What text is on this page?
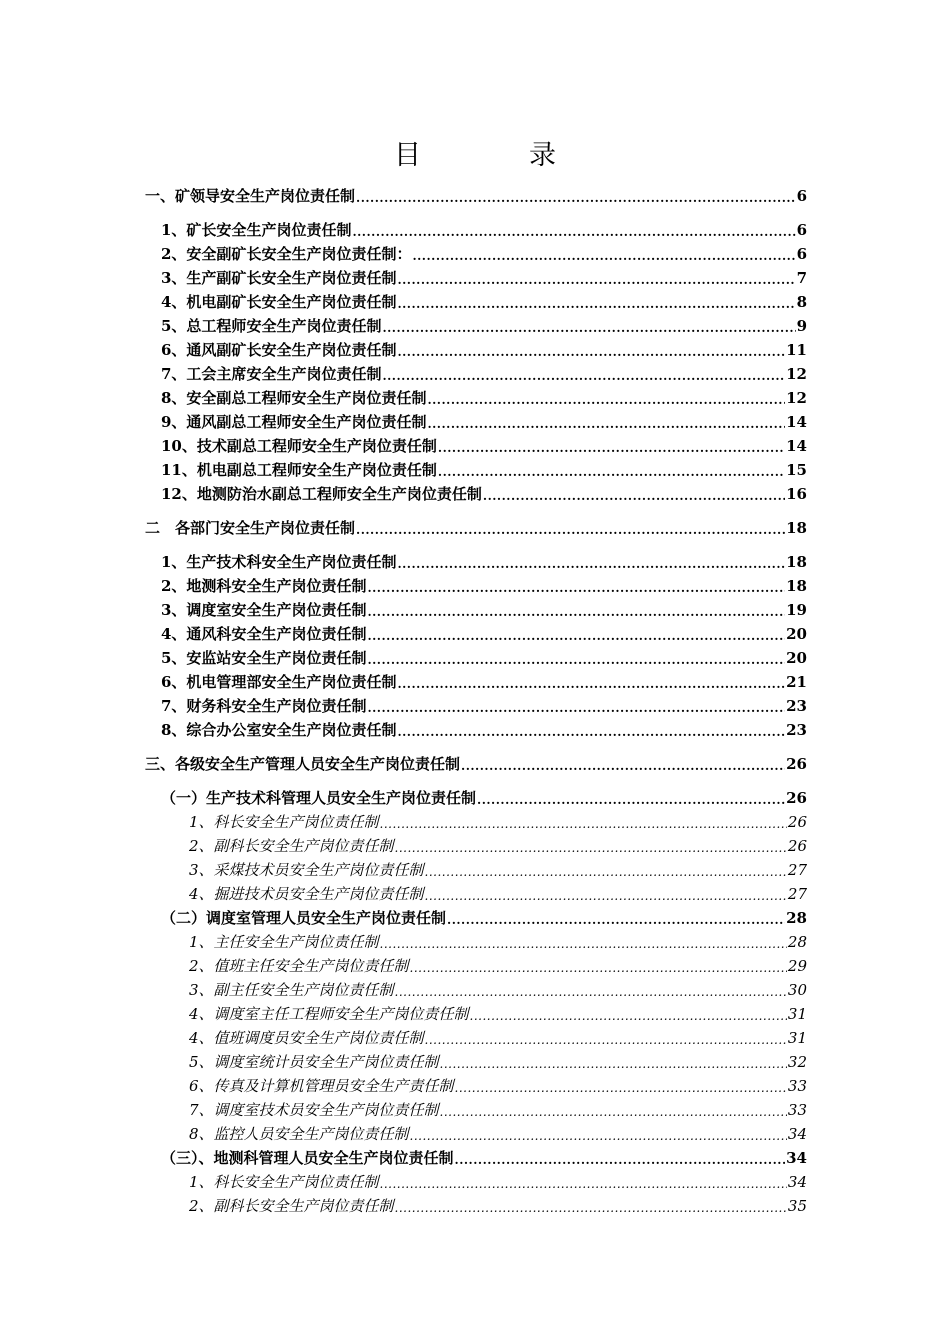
目	录
一、矿领导安全生产岗位责任制 .....	6
1、矿长安全生产岗位责任制 .....	6
2、安全副矿长安全生产岗位责任制： .....	6
3、生产副矿长安全生产岗位责任制 .....	7
4、机电副矿长安全生产岗位责任制 .....	8
5、总工程师安全生产岗位责任制 .....	9
6、通风副矿长安全生产岗位责任制 .....	11
7、工会主席安全生产岗位责任制 .....	12
8、安全副总工程师安全生产岗位责任制 .....	12
9、通风副总工程师安全生产岗位责任制 .....	14
10、技术副总工程师安全生产岗位责任制 .....	14
11、机电副总工程师安全生产岗位责任制 .....	15
12、地测防治水副总工程师安全生产岗位责任制 .....	16
二　各部门安全生产岗位责任制 .....	18
1、生产技术科安全生产岗位责任制 .....	18
2、地测科安全生产岗位责任制 .....	18
3、调度室安全生产岗位责任制 .....	19
4、通风科安全生产岗位责任制 .....	20
5、安监站安全生产岗位责任制 .....	20
6、机电管理部安全生产岗位责任制 .....	21
7、财务科安全生产岗位责任制 .....	23
8、综合办公室安全生产岗位责任制 .....	23
三、各级安全生产管理人员安全生产岗位责任制 .....	26
（一）生产技术科管理人员安全生产岗位责任制 .....	26
1、科长安全生产岗位责任制 .....	26
2、副科长安全生产岗位责任制 .....	26
3、采煤技术员安全生产岗位责任制 .....	27
4、掘进技术员安全生产岗位责任制 .....	27
（二）调度室管理人员安全生产岗位责任制 .....	28
1、主任安全生产岗位责任制 .....	28
2、值班主任安全生产岗位责任制 .....	29
3、副主任安全生产岗位责任制 .....	30
4、调度室主任工程师安全生产岗位责任制 .....	31
4、值班调度员安全生产岗位责任制 .....	31
5、调度室统计员安全生产岗位责任制 .....	32
6、传真及计算机管理员安全生产责任制 .....	33
7、调度室技术员安全生产岗位责任制 .....	33
8、监控人员安全生产岗位责任制 .....	34
（三）、地测科管理人员安全生产岗位责任制 .....	34
1、科长安全生产岗位责任制 .....	34
2、副科长安全生产岗位责任制 .....	35
